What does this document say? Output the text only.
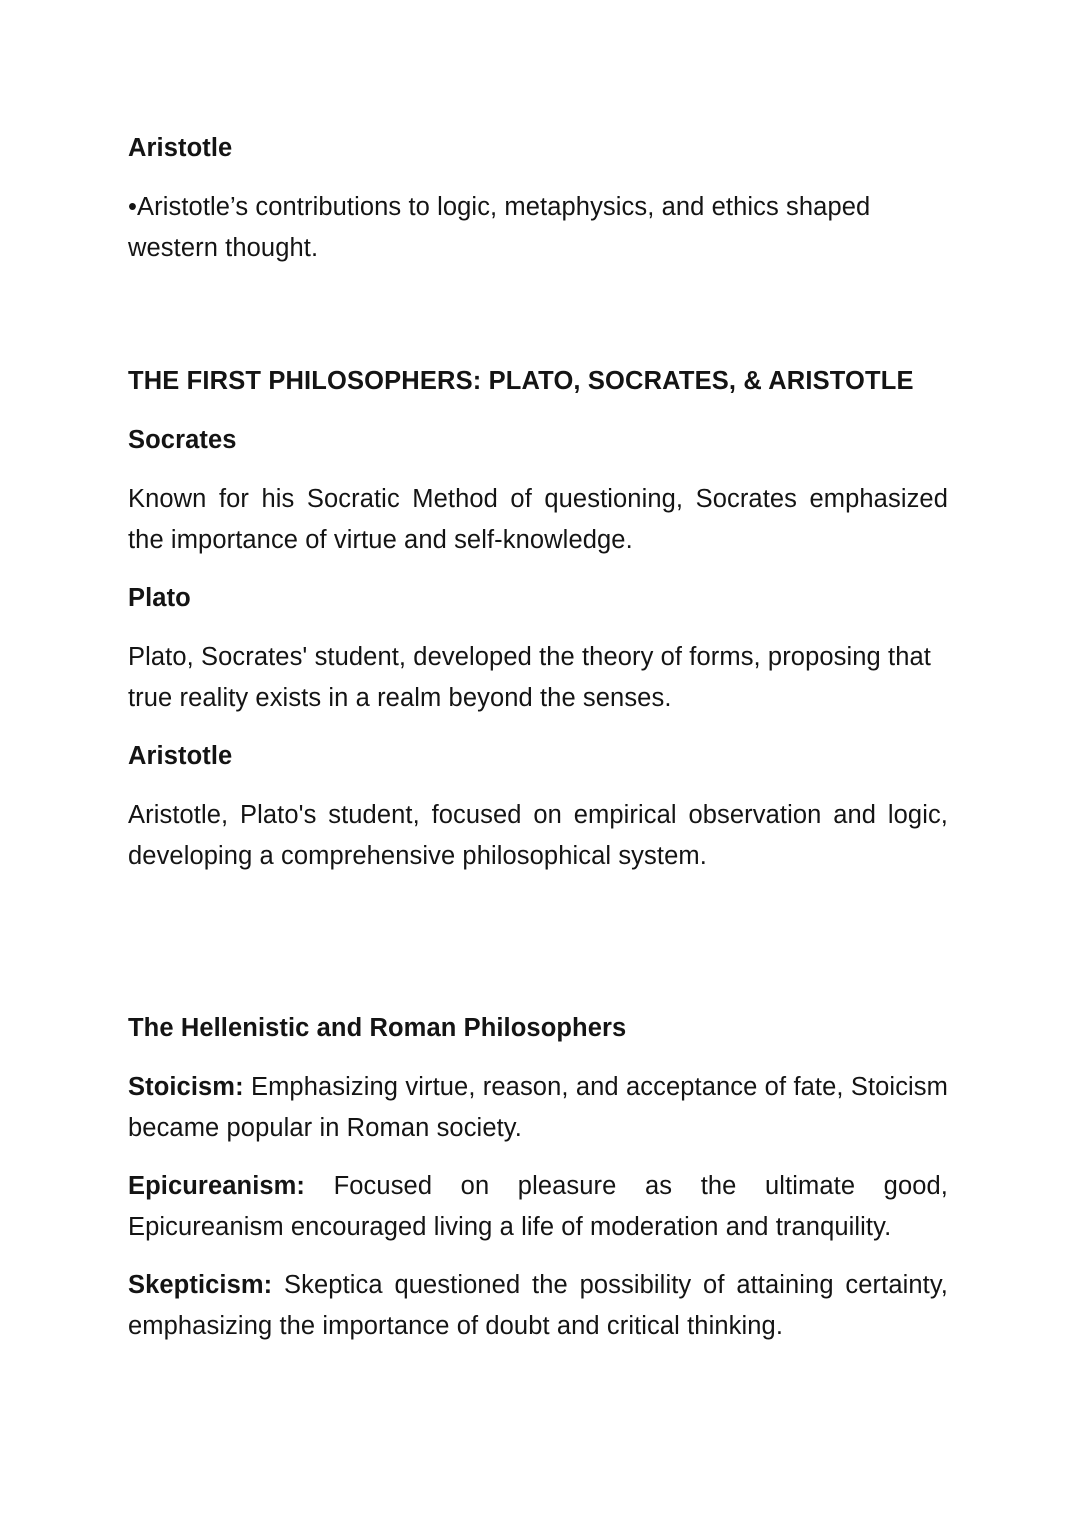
Aristotle

•Aristotle’s contributions to logic, metaphysics, and ethics shaped western thought.

THE FIRST PHILOSOPHERS: PLATO, SOCRATES, & ARISTOTLE
Socrates

Known for his Socratic Method of questioning, Socrates emphasized the importance of virtue and self-knowledge.

Plato

Plato, Socrates' student, developed the theory of forms, proposing that true reality exists in a realm beyond the senses.

Aristotle

Aristotle, Plato's student, focused on empirical observation and logic, developing a comprehensive philosophical system.

The Hellenistic and Roman Philosophers

Stoicism: Emphasizing virtue, reason, and acceptance of fate, Stoicism became popular in Roman society.

Epicureanism: Focused on pleasure as the ultimate good, Epicureanism encouraged living a life of moderation and tranquility.

Skepticism: Skeptica questioned the possibility of attaining certainty, emphasizing the importance of doubt and critical thinking.
